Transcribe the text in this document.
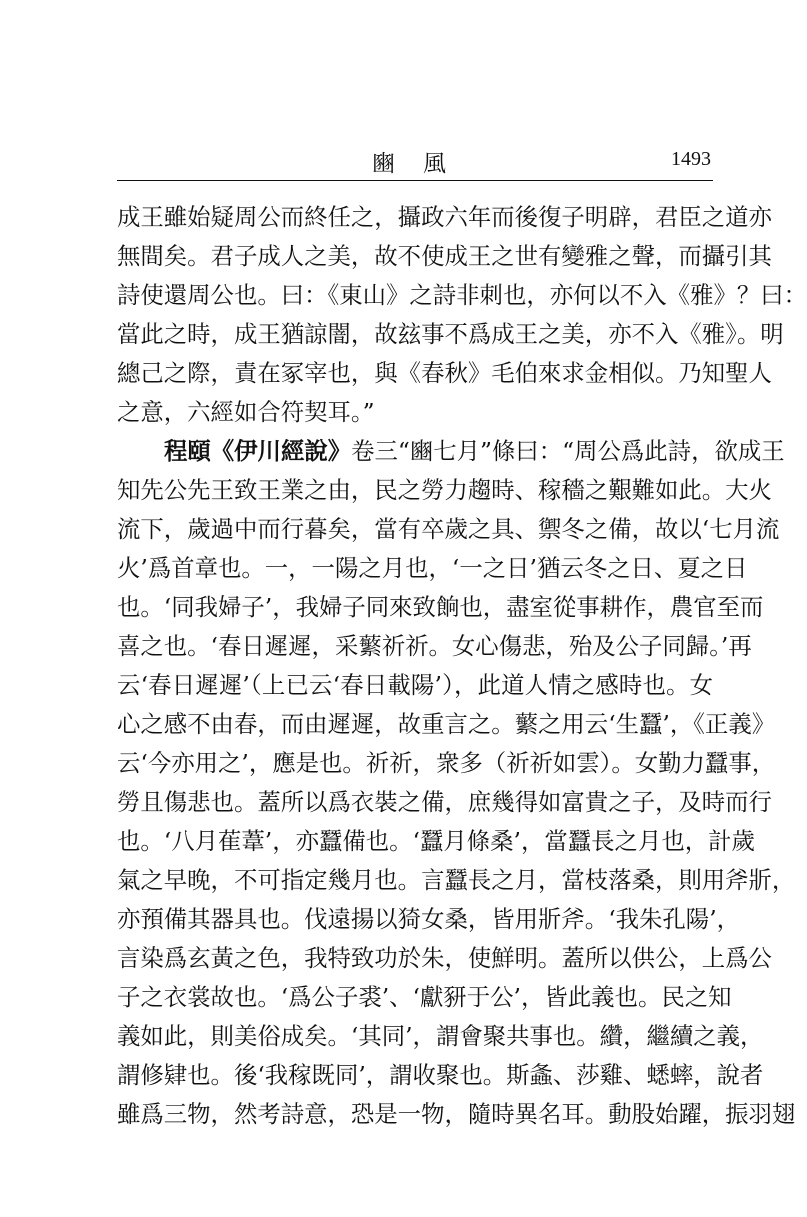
豳風	1493
成王雖始疑周公而終任之，攝政六年而後復子明辟，君臣之道亦
無間矣。君子成人之美，故不使成王之世有變雅之聲，而攝引其
詩使還周公也。曰：《東山》之詩非刺也，亦何以不入《雅》？曰：
當此之時，成王猶諒闇，故玆事不爲成王之美，亦不入《雅》。明
總己之際，責在冢宰也，與《春秋》毛伯來求金相似。乃知聖人
之意，六經如合符契耳。”
程頤《伊川經說》卷三“豳七月”條曰：“周公爲此詩，欲成王
知先公先王致王業之由，民之勞力趨時、稼穡之艱難如此。大火
流下，歲過中而行暮矣，當有卒歲之具、禦冬之備，故以‘七月流
火’爲首章也。一，一陽之月也，‘一之日’猶云冬之日、夏之日
也。‘同我婦子’，我婦子同來致餉也，盡室從事耕作，農官至而
喜之也。‘春日遲遲，采蘩祈祈。女心傷悲，殆及公子同歸。’再
云‘春日遲遲’（上已云‘春日載陽’），此道人情之感時也。女
心之感不由春，而由遲遲，故重言之。蘩之用云‘生蠶’，《正義》
云‘今亦用之’，應是也。祈祈，衆多（祈祈如雲）。女勤力蠶事，
勞且傷悲也。蓋所以爲衣裝之備，庶幾得如富貴之子，及時而行
也。‘八月萑葦’，亦蠶備也。‘蠶月條桑’，當蠶長之月也，計歲
氣之早晚，不可指定幾月也。言蠶長之月，當枝落桑，則用斧斨，
亦預備其器具也。伐遠揚以猗女桑，皆用斨斧。‘我朱孔陽’，
言染爲玄黃之色，我特致功於朱，使鮮明。蓋所以供公，上爲公
子之衣裳故也。‘爲公子裘’、‘獻豜于公’，皆此義也。民之知
義如此，則美俗成矣。‘其同’，謂會聚共事也。纘，繼續之義，
謂修肄也。後‘我稼既同’，謂收聚也。斯螽、莎雞、蟋蟀，說者
雖爲三物，然考詩意，恐是一物，隨時異名耳。動股始躍，振羽翅
